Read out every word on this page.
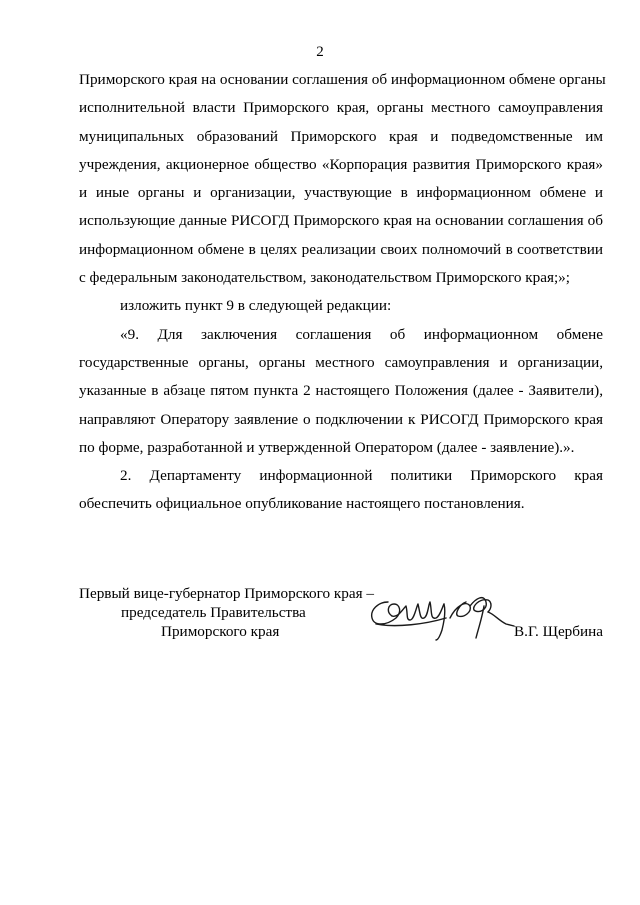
2

Приморского края на основании соглашения об информационном обмене органы
исполнительной власти Приморского края, органы местного самоуправления
муниципальных образований Приморского края и подведомственные им
учреждения, акционерное общество «Корпорация развития Приморского края»
и иные органы и организации, участвующие в информационном обмене и
использующие данные РИСОГД Приморского края на основании соглашения об
информационном обмене в целях реализации своих полномочий в соответствии
с федеральным законодательством, законодательством Приморского края;»;

изложить пункт 9 в следующей редакции:

«9. Для заключения соглашения об информационном обмене
государственные органы, органы местного самоуправления и организации,
указанные в абзаце пятом пункта 2 настоящего Положения (далее - Заявители),
направляют Оператору заявление о подключении к РИСОГД Приморского края
по форме, разработанной и утвержденной Оператором (далее - заявление).».

2. Департаменту информационной политики Приморского края
обеспечить официальное опубликование настоящего постановления.

Первый вице-губернатор Приморского края –
председатель Правительства
Приморского края	В.Г. Щербина
